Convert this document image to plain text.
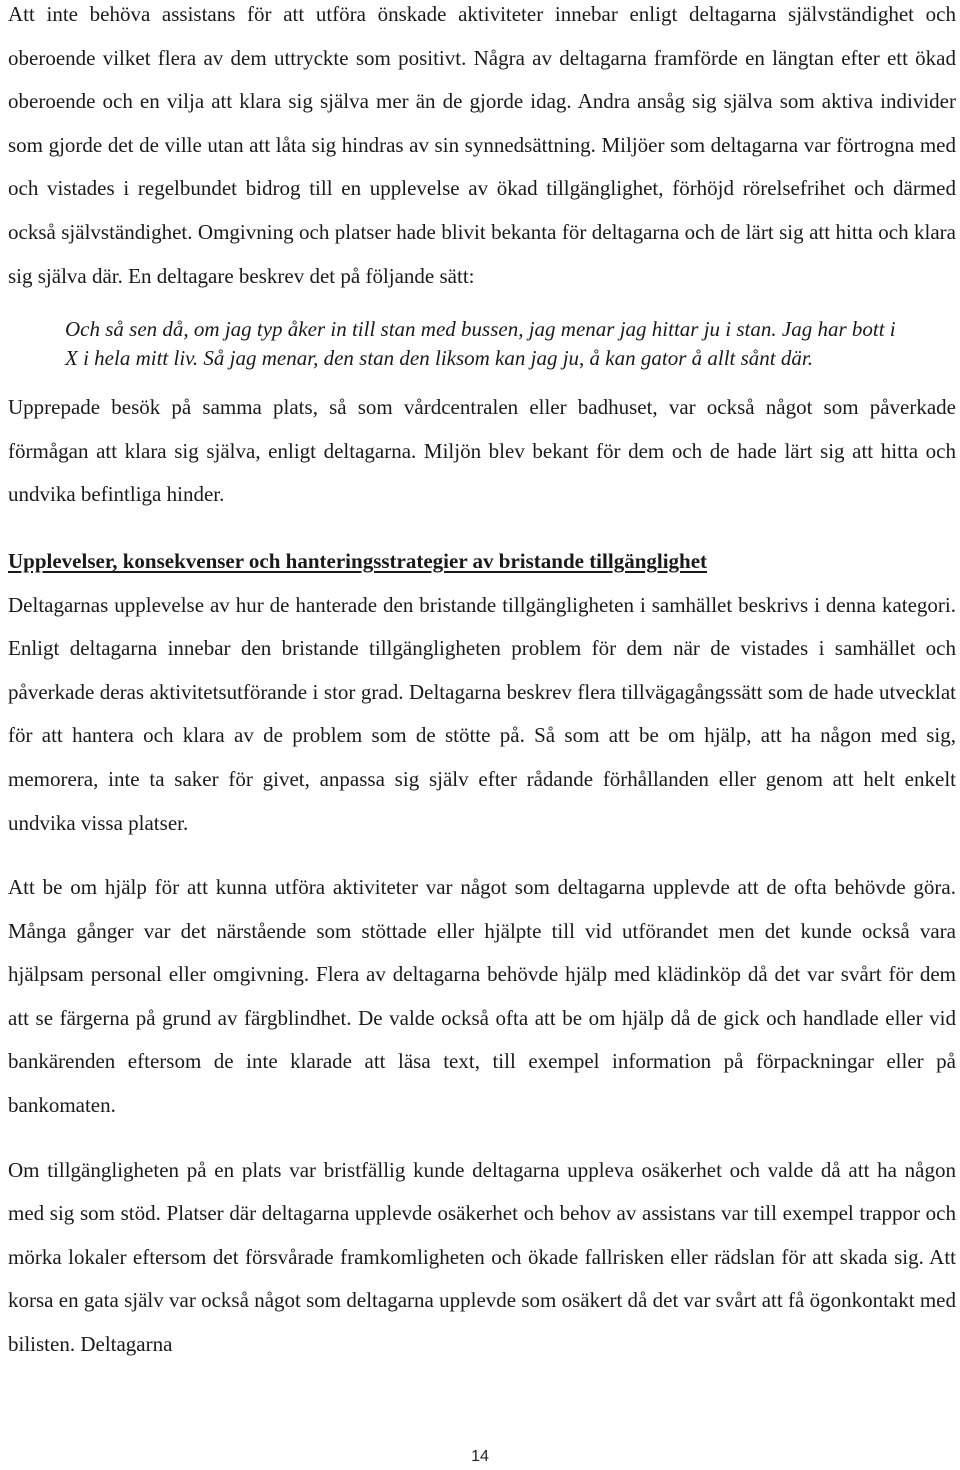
Att inte behöva assistans för att utföra önskade aktiviteter innebar enligt deltagarna självständighet och oberoende vilket flera av dem uttryckte som positivt. Några av deltagarna framförde en längtan efter ett ökad oberoende och en vilja att klara sig själva mer än de gjorde idag. Andra ansåg sig själva som aktiva individer som gjorde det de ville utan att låta sig hindras av sin synnedsättning. Miljöer som deltagarna var förtrogna med och vistades i regelbundet bidrog till en upplevelse av ökad tillgänglighet, förhöjd rörelsefrihet och därmed också självständighet. Omgivning och platser hade blivit bekanta för deltagarna och de lärt sig att hitta och klara sig själva där. En deltagare beskrev det på följande sätt:

Och så sen då, om jag typ åker in till stan med bussen, jag menar jag hittar ju i stan. Jag har bott i X i hela mitt liv. Så jag menar, den stan den liksom kan jag ju, å kan gator å allt sånt där.

Upprepade besök på samma plats, så som vårdcentralen eller badhuset, var också något som påverkade förmågan att klara sig själva, enligt deltagarna. Miljön blev bekant för dem och de hade lärt sig att hitta och undvika befintliga hinder.

Upplevelser, konsekvenser och hanteringsstrategier av bristande tillgänglighet

Deltagarnas upplevelse av hur de hanterade den bristande tillgängligheten i samhället beskrivs i denna kategori. Enligt deltagarna innebar den bristande tillgängligheten problem för dem när de vistades i samhället och påverkade deras aktivitetsutförande i stor grad. Deltagarna beskrev flera tillvägagångssätt som de hade utvecklat för att hantera och klara av de problem som de stötte på. Så som att be om hjälp, att ha någon med sig, memorera, inte ta saker för givet, anpassa sig själv efter rådande förhållanden eller genom att helt enkelt undvika vissa platser.

Att be om hjälp för att kunna utföra aktiviteter var något som deltagarna upplevde att de ofta behövde göra. Många gånger var det närstående som stöttade eller hjälpte till vid utförandet men det kunde också vara hjälpsam personal eller omgivning. Flera av deltagarna behövde hjälp med klädinköp då det var svårt för dem att se färgerna på grund av färgblindhet. De valde också ofta att be om hjälp då de gick och handlade eller vid bankärenden eftersom de inte klarade att läsa text, till exempel information på förpackningar eller på bankomaten.

Om tillgängligheten på en plats var bristfällig kunde deltagarna uppleva osäkerhet och valde då att ha någon med sig som stöd. Platser där deltagarna upplevde osäkerhet och behov av assistans var till exempel trappor och mörka lokaler eftersom det försvårade framkomligheten och ökade fallrisken eller rädslan för att skada sig. Att korsa en gata själv var också något som deltagarna upplevde som osäkert då det var svårt att få ögonkontakt med bilisten. Deltagarna

14
